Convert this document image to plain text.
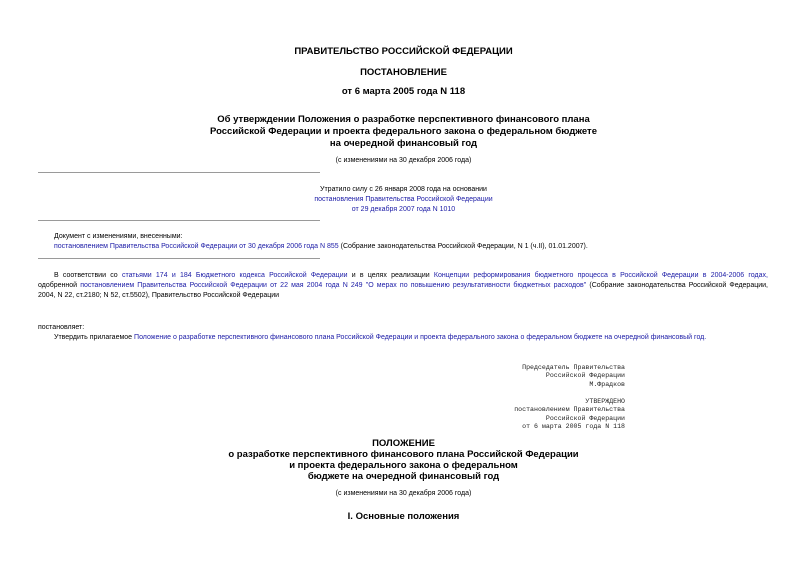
ПРАВИТЕЛЬСТВО РОССИЙСКОЙ ФЕДЕРАЦИИ
ПОСТАНОВЛЕНИЕ
от 6 марта 2005 года N 118
Об утверждении Положения о разработке перспективного финансового плана
Российской Федерации и проекта федерального закона о федеральном бюджете
на очередной финансовый год
(с изменениями на 30 декабря 2006 года)
Утратило силу с 26 января 2008 года на основании
постановления Правительства Российской Федерации
от 29 декабря 2007 года N 1010
Документ с изменениями, внесенными:
постановлением Правительства Российской Федерации от 30 декабря 2006 года N 855 (Собрание законодательства Российской Федерации, N 1 (ч.II), 01.01.2007).
В соответствии со статьями 174 и 184 Бюджетного кодекса Российской Федерации и в целях реализации Концепции реформирования бюджетного процесса в Российской Федерации в 2004-2006 годах,
одобренной постановлением Правительства Российской Федерации от 22 мая 2004 года N 249 "О мерах по повышению результативности бюджетных расходов" (Собрание законодательства Российской Федерации,
2004, N 22, ст.2180; N 52, ст.5502), Правительство Российской Федерации
постановляет:
Утвердить прилагаемое Положение о разработке перспективного финансового плана Российской Федерации и проекта федерального закона о федеральном бюджете на очередной финансовый год.
Председатель Правительства
Российской Федерации
М.Фрадков
УТВЕРЖДЕНО
постановлением Правительства
Российской Федерации
от 6 марта 2005 года N 118
ПОЛОЖЕНИЕ
о разработке перспективного финансового плана Российской Федерации
и проекта федерального закона о федеральном
бюджете на очередной финансовый год
(с изменениями на 30 декабря 2006 года)
I. Основные положения
